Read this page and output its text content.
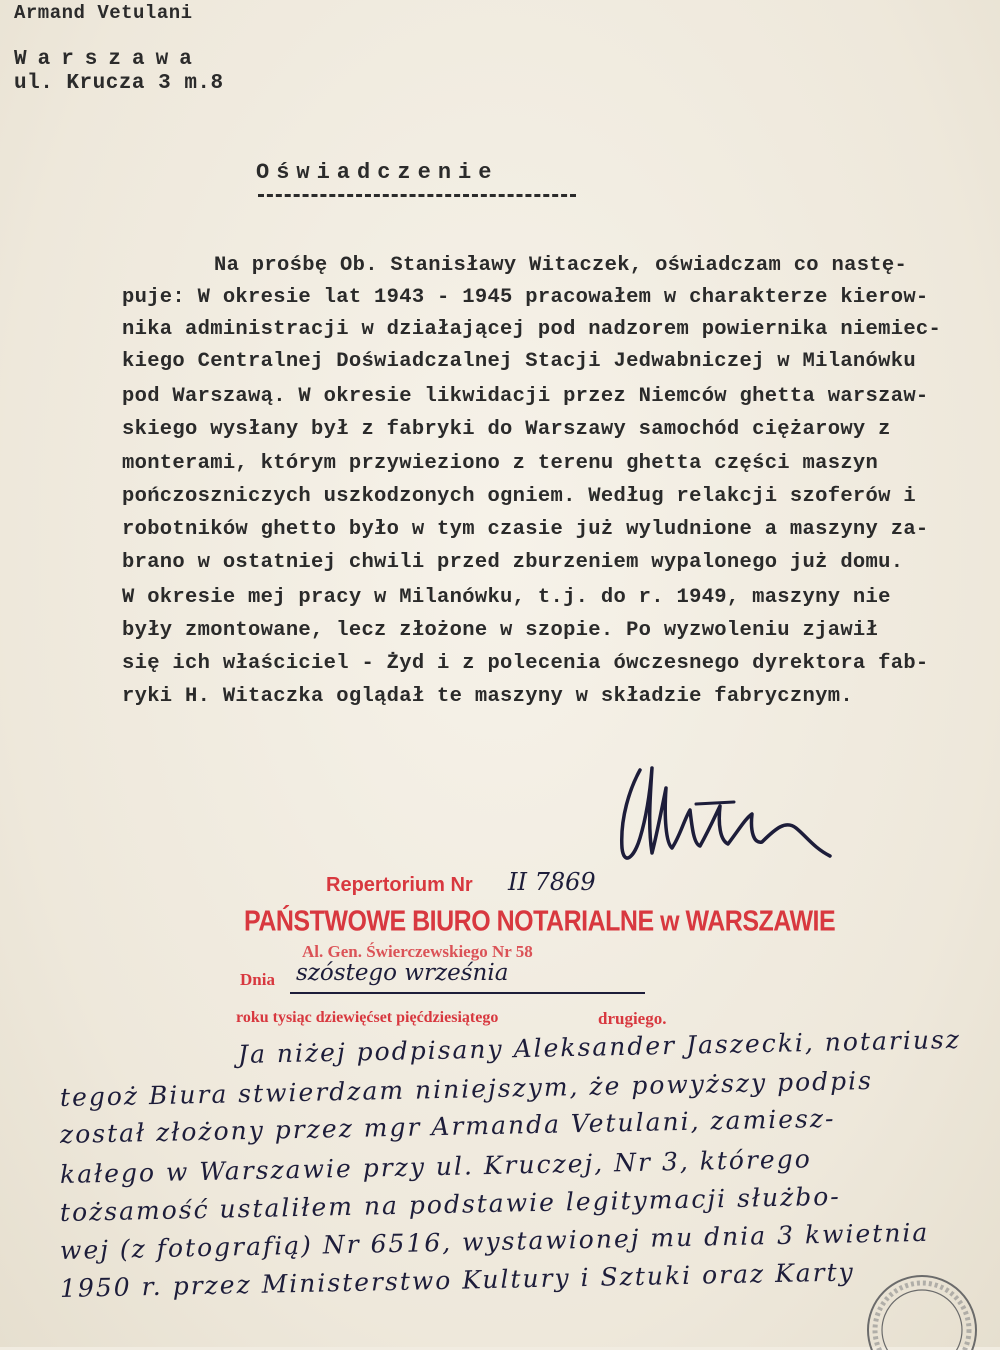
Armand Vetulani
Warszawa
ul. Krucza 3 m.8
Oświadczenie
Na prośbę Ob. Stanisławy Witaczek, oświadczam co nastę-
puje: W okresie lat 1943 - 1945 pracowałem w charakterze kierow-
nika administracji w działającej pod nadzorem powiernika niemiec-
kiego Centralnej Doświadczalnej Stacji Jedwabniczej w Milanówku
pod Warszawą. W okresie likwidacji przez Niemców ghetta warszaw-
skiego wysłany był z fabryki do Warszawy samochód ciężarowy z
monterami, którym przywieziono z terenu ghetta części maszyn
pończoszniczych uszkodzonych ogniem. Według relakcji szoferów i
robotników ghetto było w tym czasie już wyludnione a maszyny za-
brano w ostatniej chwili przed zburzeniem wypalonego już domu.
W okresie mej pracy w Milanówku, t.j. do r. 1949, maszyny nie
były zmontowane, lecz złożone w szopie. Po wyzwoleniu zjawił
się ich właściciel - Żyd i z polecenia ówczesnego dyrektora fab-
ryki H. Witaczka oglądał te maszyny w składzie fabrycznym.
Repertorium Nr II 7869
PAŃSTWOWE BIURO NOTARIALNE w WARSZAWIE
Al. Gen. Świerczewskiego Nr 58
Dnia szóstego września
roku tysiąc dziewięćset pięćdziesiątego	drugiego.
Ja niżej podpisany Aleksander Jaszecki, notariusz
tegoż Biura stwierdzam niniejszym, że powyższy podpis
został złożony przez mgr Armanda Vetulani, zamiesz-
kałego w Warszawie przy ul. Kruczej, Nr 3, którego
tożsamość ustaliłem na podstawie legitymacji służbo-
wej (z fotografią) Nr 6516, wystawionej mu dnia 3 kwietnia
1950 r. przez Ministerstwo Kultury i Sztuki oraz Karty
